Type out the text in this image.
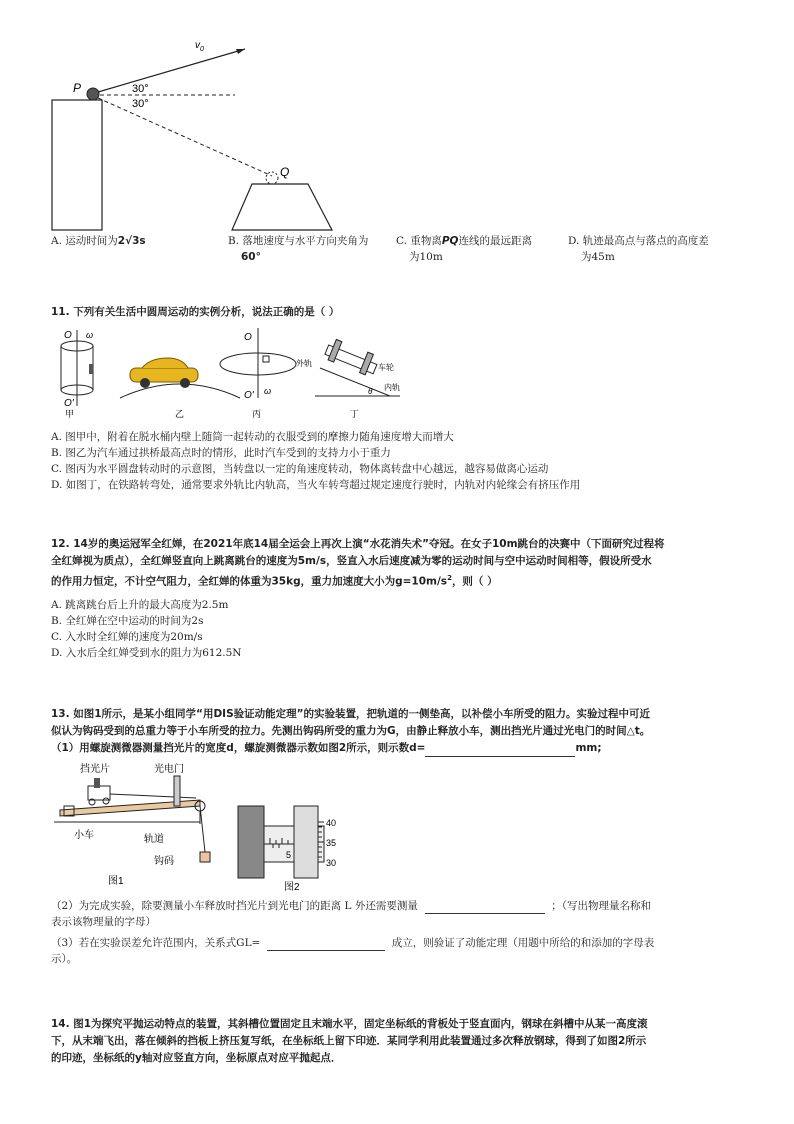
$v_0$
P
Q
30°
30°
A. 运动时间为2√3s	B. 落地速度与水平方向夹角为
60°
C. 重物离PQ连线的最远距离
为10m
D. 轨迹最高点与落点的高度差
为45m
11. 下列有关生活中圆周运动的实例分析，说法正确的是（ ）
O ω
O'
甲	乙
O
O' ω
丙
外轨	车轮
内轨
θ
丁
A. 图甲中，附着在脱水桶内壁上随筒一起转动的衣服受到的摩擦力随角速度增大而增大
B. 图乙为汽车通过拱桥最高点时的情形，此时汽车受到的支持力小于重力
C. 图丙为水平圆盘转动时的示意图，当转盘以一定的角速度转动，物体离转盘中心越远，越容易做离心运动
D. 如图丁，在铁路转弯处，通常要求外轨比内轨高，当火车转弯超过规定速度行驶时，内轨对内轮缘会有挤压作用
12. 14岁的奥运冠军全红婵，在2021年底14届全运会上再次上演“水花消失术”夺冠。在女子10m跳台的决赛中（下面研究过程将
全红婵视为质点），全红婵竖直向上跳离跳台的速度为5m/s，竖直入水后速度减为零的运动时间与空中运动时间相等，假设所受水
的作用力恒定，不计空气阻力，全红婵的体重为35kg，重力加速度大小为$g=10m/s^2$，则（ ）
A. 跳离跳台后上升的最大高度为2.5m
B. 全红婵在空中运动的时间为2s
C. 入水时全红婵的速度为20m/s
D. 入水后全红婵受到水的阻力为612.5N
13. 如图1所示，是某小组同学“用DIS验证动能定理”的实验装置，把轨道的一侧垫高，以补偿小车所受的阻力。实验过程中可近
似认为钩码受到的总重力等于小车所受的拉力。先测出钩码所受的重力为G，由静止释放小车，测出挡光片通过光电门的时间△t。
（1）用螺旋测微器测量挡光片的宽度d，螺旋测微器示数如图2所示，则示数d=	mm;
挡光片	光电门
小车	轨道
钩码
图1
40
35
30
5
图2
（2）为完成实验，除要测量小车释放时挡光片到光电门的距离 L 外还需要测量	；（写出物理量名称和
表示该物理量的字母）
（3）若在实验误差允许范围内，关系式GL=	成立，则验证了动能定理（用题中所给的和添加的字母表
示）。
14. 图1为探究平抛运动特点的装置，其斜槽位置固定且末端水平，固定坐标纸的背板处于竖直面内，钢球在斜槽中从某一高度滚
下，从末端飞出，落在倾斜的挡板上挤压复写纸，在坐标纸上留下印迹．某同学利用此装置通过多次释放钢球，得到了如图2所示
的印迹，坐标纸的y轴对应竖直方向，坐标原点对应平抛起点．
